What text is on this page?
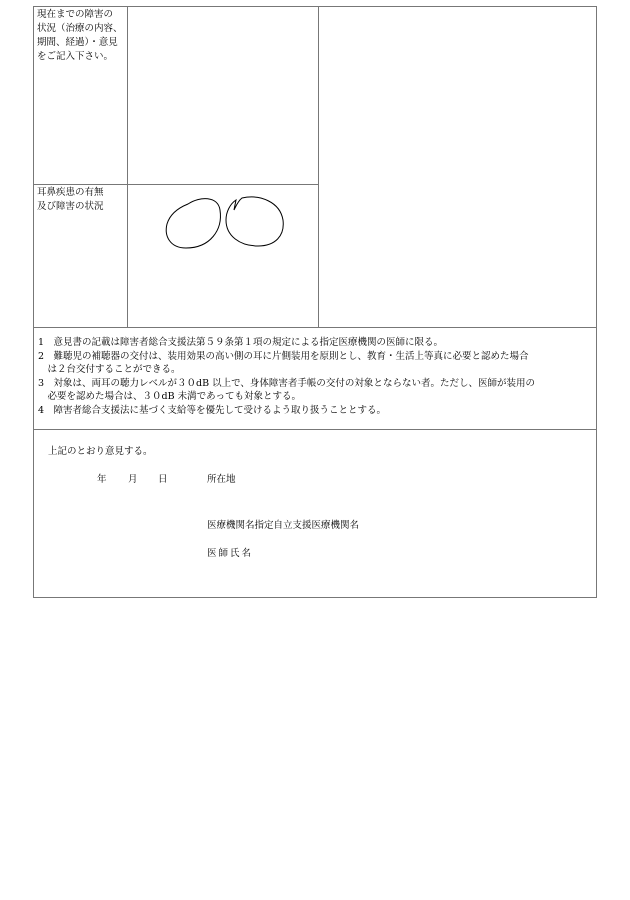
現在までの障害の
状況（治療の内容、
期間、経過）・意見
をご記入下さい。
耳鼻疾患の有無
及び障害の状況
1　意見書の記載は障害者総合支援法第５９条第１項の規定による指定医療機関の医師に限る。
2　難聴児の補聴器の交付は、装用効果の高い側の耳に片側装用を原則とし、教育・生活上等真に必要と認めた場合
　は２台交付することができる。
3　対象は、両耳の聴力レベルが３０dB 以上で、身体障害者手帳の交付の対象とならない者。ただし、医師が装用の
　必要を認めた場合は、３０dB 未満であっても対象とする。
4　障害者総合支援法に基づく支給等を優先して受けるよう取り扱うこととする。
上記のとおり意見する。
年 月 日	所在地
医療機関名指定自立支援医療機関名
医師氏名
